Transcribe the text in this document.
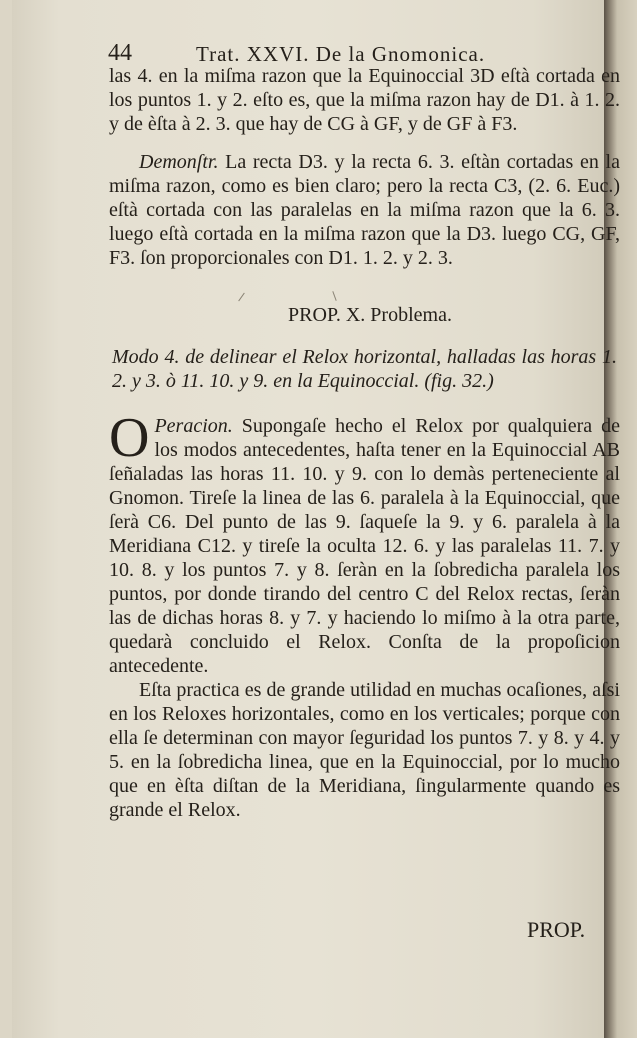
44	Trat. XXVI. De la Gnomonica.
las 4. en la miſma razon que la Equinoccial 3D eſtà cortada en los puntos 1. y 2. eſto es, que la miſma razon hay de D1. à 1. 2. y de èſta à 2. 3. que hay de CG à GF, y de GF à F3.
Demonſtr. La recta D3. y la recta 6. 3. eſtàn cortadas en la miſma razon, como es bien claro; pero la recta C3, (2. 6. Euc.) eſtà cortada con las paralelas en la miſma razon que la 6. 3. luego eſtà cortada en la miſma razon que la D3. luego CG, GF, F3. ſon proporcionales con D1. 1. 2. y 2. 3.
PROP. X. Problema.
Modo 4. de delinear el Relox horizontal, halladas las horas 1. 2. y 3. ò 11. 10. y 9. en la Equinoccial. (fig. 32.)

O Peracion. Supongaſe hecho el Relox por qualquiera de los modos antecedentes, haſta tener en la Equinoccial AB ſeñaladas las horas 11. 10. y 9. con lo demàs perteneciente al Gnomon. Tireſe la linea de las 6. paralela à la Equinoccial, que ſerà C6. Del punto de las 9. ſaqueſe la 9. y 6. paralela à la Meridiana C12. y tireſe la oculta 12. 6. y las paralelas 11. 7. y 10. 8. y los puntos 7. y 8. ſeràn en la ſobredicha paralela los puntos, por donde tirando del centro C del Relox rectas, ſeràn las de dichas horas 8. y 7. y haciendo lo miſmo à la otra parte, quedarà concluido el Relox. Conſta de la propoſicion antecedente.

Eſta practica es de grande utilidad en muchas ocaſiones, aſsi en los Reloxes horizontales, como en los verticales; porque con ella ſe determinan con mayor ſeguridad los puntos 7. y 8. y 4. y 5. en la ſobredicha linea, que en la Equinoccial, por lo mucho que en èſta diſtan de la Meridiana, ſingularmente quando es grande el Relox.

PROP.
